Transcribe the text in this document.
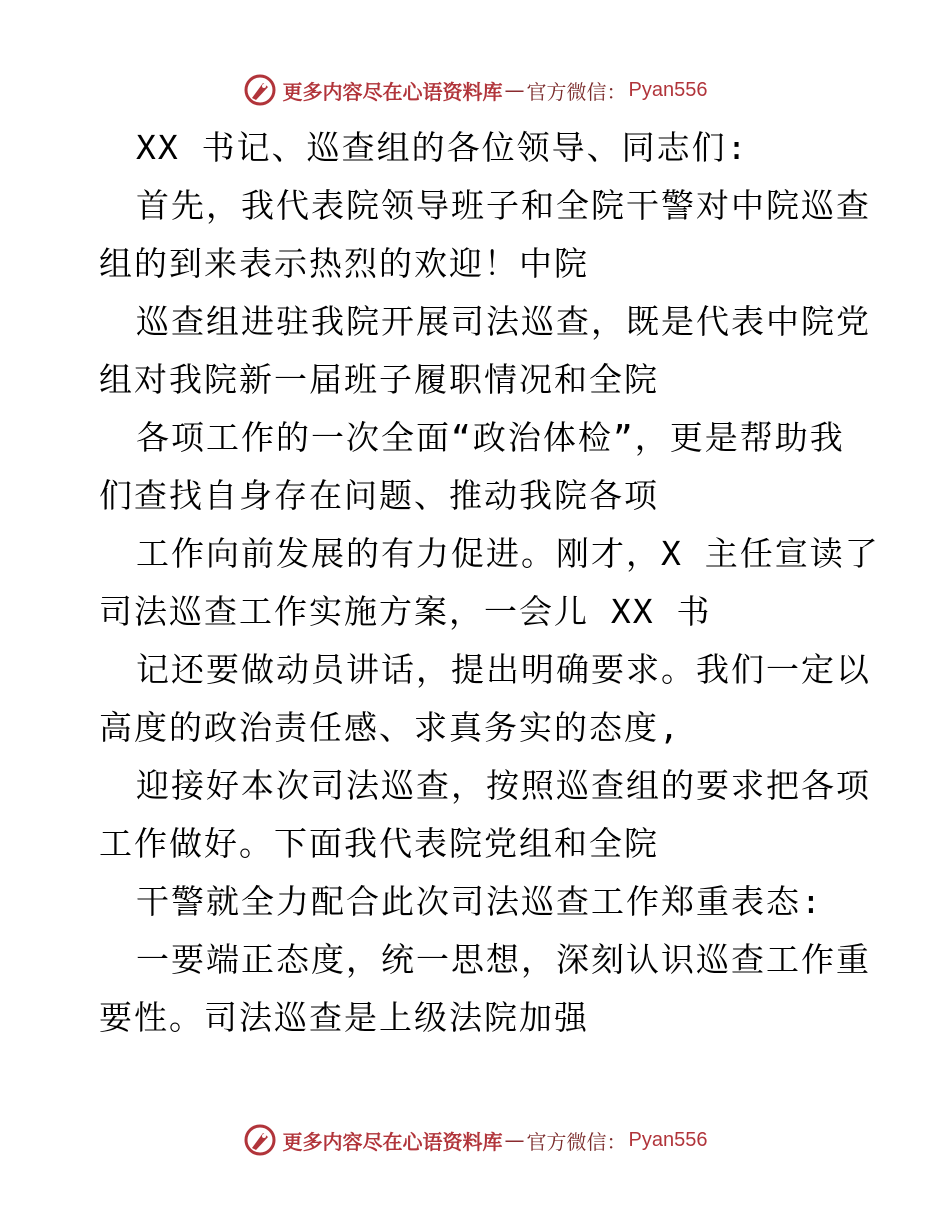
更多内容尽在心语资料库 — 官方微信： Pyan556
XX 书记、巡查组的各位领导、同志们:
首先，我代表院领导班子和全院干警对中院巡查
组的到来表示热烈的欢迎！中院
巡查组进驻我院开展司法巡查，既是代表中院党
组对我院新一届班子履职情况和全院
各项工作的一次全面“政治体检”，更是帮助我
们查找自身存在问题、推动我院各项
工作向前发展的有力促进。刚才，X 主任宣读了
司法巡查工作实施方案，一会儿 XX 书
记还要做动员讲话，提出明确要求。我们一定以
高度的政治责任感、求真务实的态度,
迎接好本次司法巡查，按照巡查组的要求把各项
工作做好。下面我代表院党组和全院
干警就全力配合此次司法巡查工作郑重表态:
一要端正态度，统一思想，深刻认识巡查工作重
要性。司法巡查是上级法院加强
更多内容尽在心语资料库 — 官方微信： Pyan556
